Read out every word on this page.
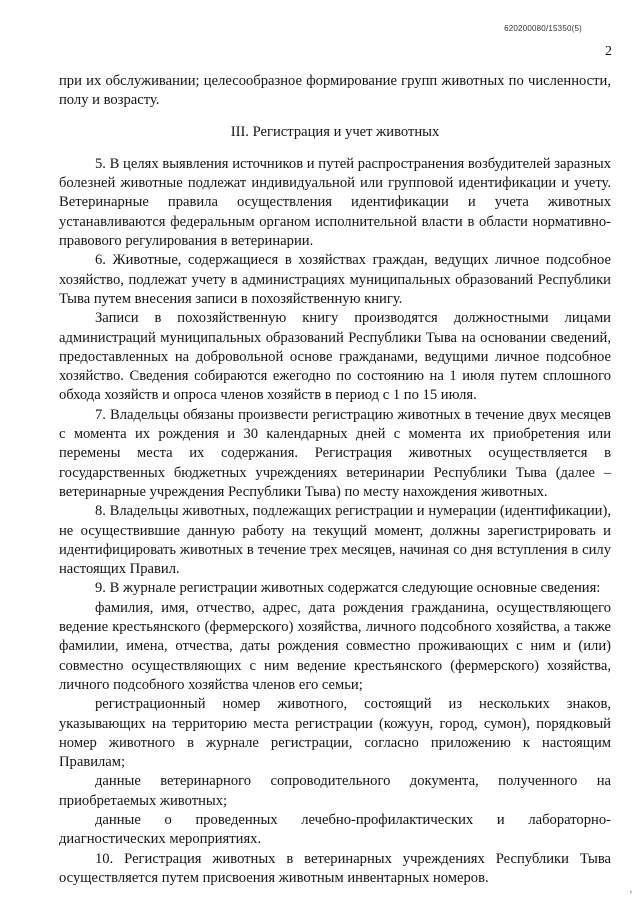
620200080/15350(5)
2

при их обслуживании; целесообразное формирование групп животных по численности, полу и возрасту.

III. Регистрация и учет животных

5. В целях выявления источников и путей распространения возбудителей заразных болезней животные подлежат индивидуальной или групповой идентификации и учету. Ветеринарные правила осуществления идентификации и учета животных устанавливаются федеральным органом исполнительной власти в области нормативно-правового регулирования в ветеринарии.

6. Животные, содержащиеся в хозяйствах граждан, ведущих личное подсобное хозяйство, подлежат учету в администрациях муниципальных образований Республики Тыва путем внесения записи в похозяйственную книгу.

Записи в похозяйственную книгу производятся должностными лицами администраций муниципальных образований Республики Тыва на основании сведений, предоставленных на добровольной основе гражданами, ведущими личное подсобное хозяйство. Сведения собираются ежегодно по состоянию на 1 июля путем сплошного обхода хозяйств и опроса членов хозяйств в период с 1 по 15 июля.

7. Владельцы обязаны произвести регистрацию животных в течение двух месяцев с момента их рождения и 30 календарных дней с момента их приобретения или перемены места их содержания. Регистрация животных осуществляется в государственных бюджетных учреждениях ветеринарии Республики Тыва (далее – ветеринарные учреждения Республики Тыва) по месту нахождения животных.

8. Владельцы животных, подлежащих регистрации и нумерации (идентификации), не осуществившие данную работу на текущий момент, должны зарегистрировать и идентифицировать животных в течение трех месяцев, начиная со дня вступления в силу настоящих Правил.

9. В журнале регистрации животных содержатся следующие основные сведения:

фамилия, имя, отчество, адрес, дата рождения гражданина, осуществляющего ведение крестьянского (фермерского) хозяйства, личного подсобного хозяйства, а также фамилии, имена, отчества, даты рождения совместно проживающих с ним и (или) совместно осуществляющих с ним ведение крестьянского (фермерского) хозяйства, личного подсобного хозяйства членов его семьи;

регистрационный номер животного, состоящий из нескольких знаков, указывающих на территорию места регистрации (кожуун, город, сумон), порядковый номер животного в журнале регистрации, согласно приложению к настоящим Правилам;

данные ветеринарного сопроводительного документа, полученного на приобретаемых животных;

данные о проведенных лечебно-профилактических и лабораторно-диагностических мероприятиях.

10. Регистрация животных в ветеринарных учреждениях Республики Тыва осуществляется путем присвоения животным инвентарных номеров.

,
